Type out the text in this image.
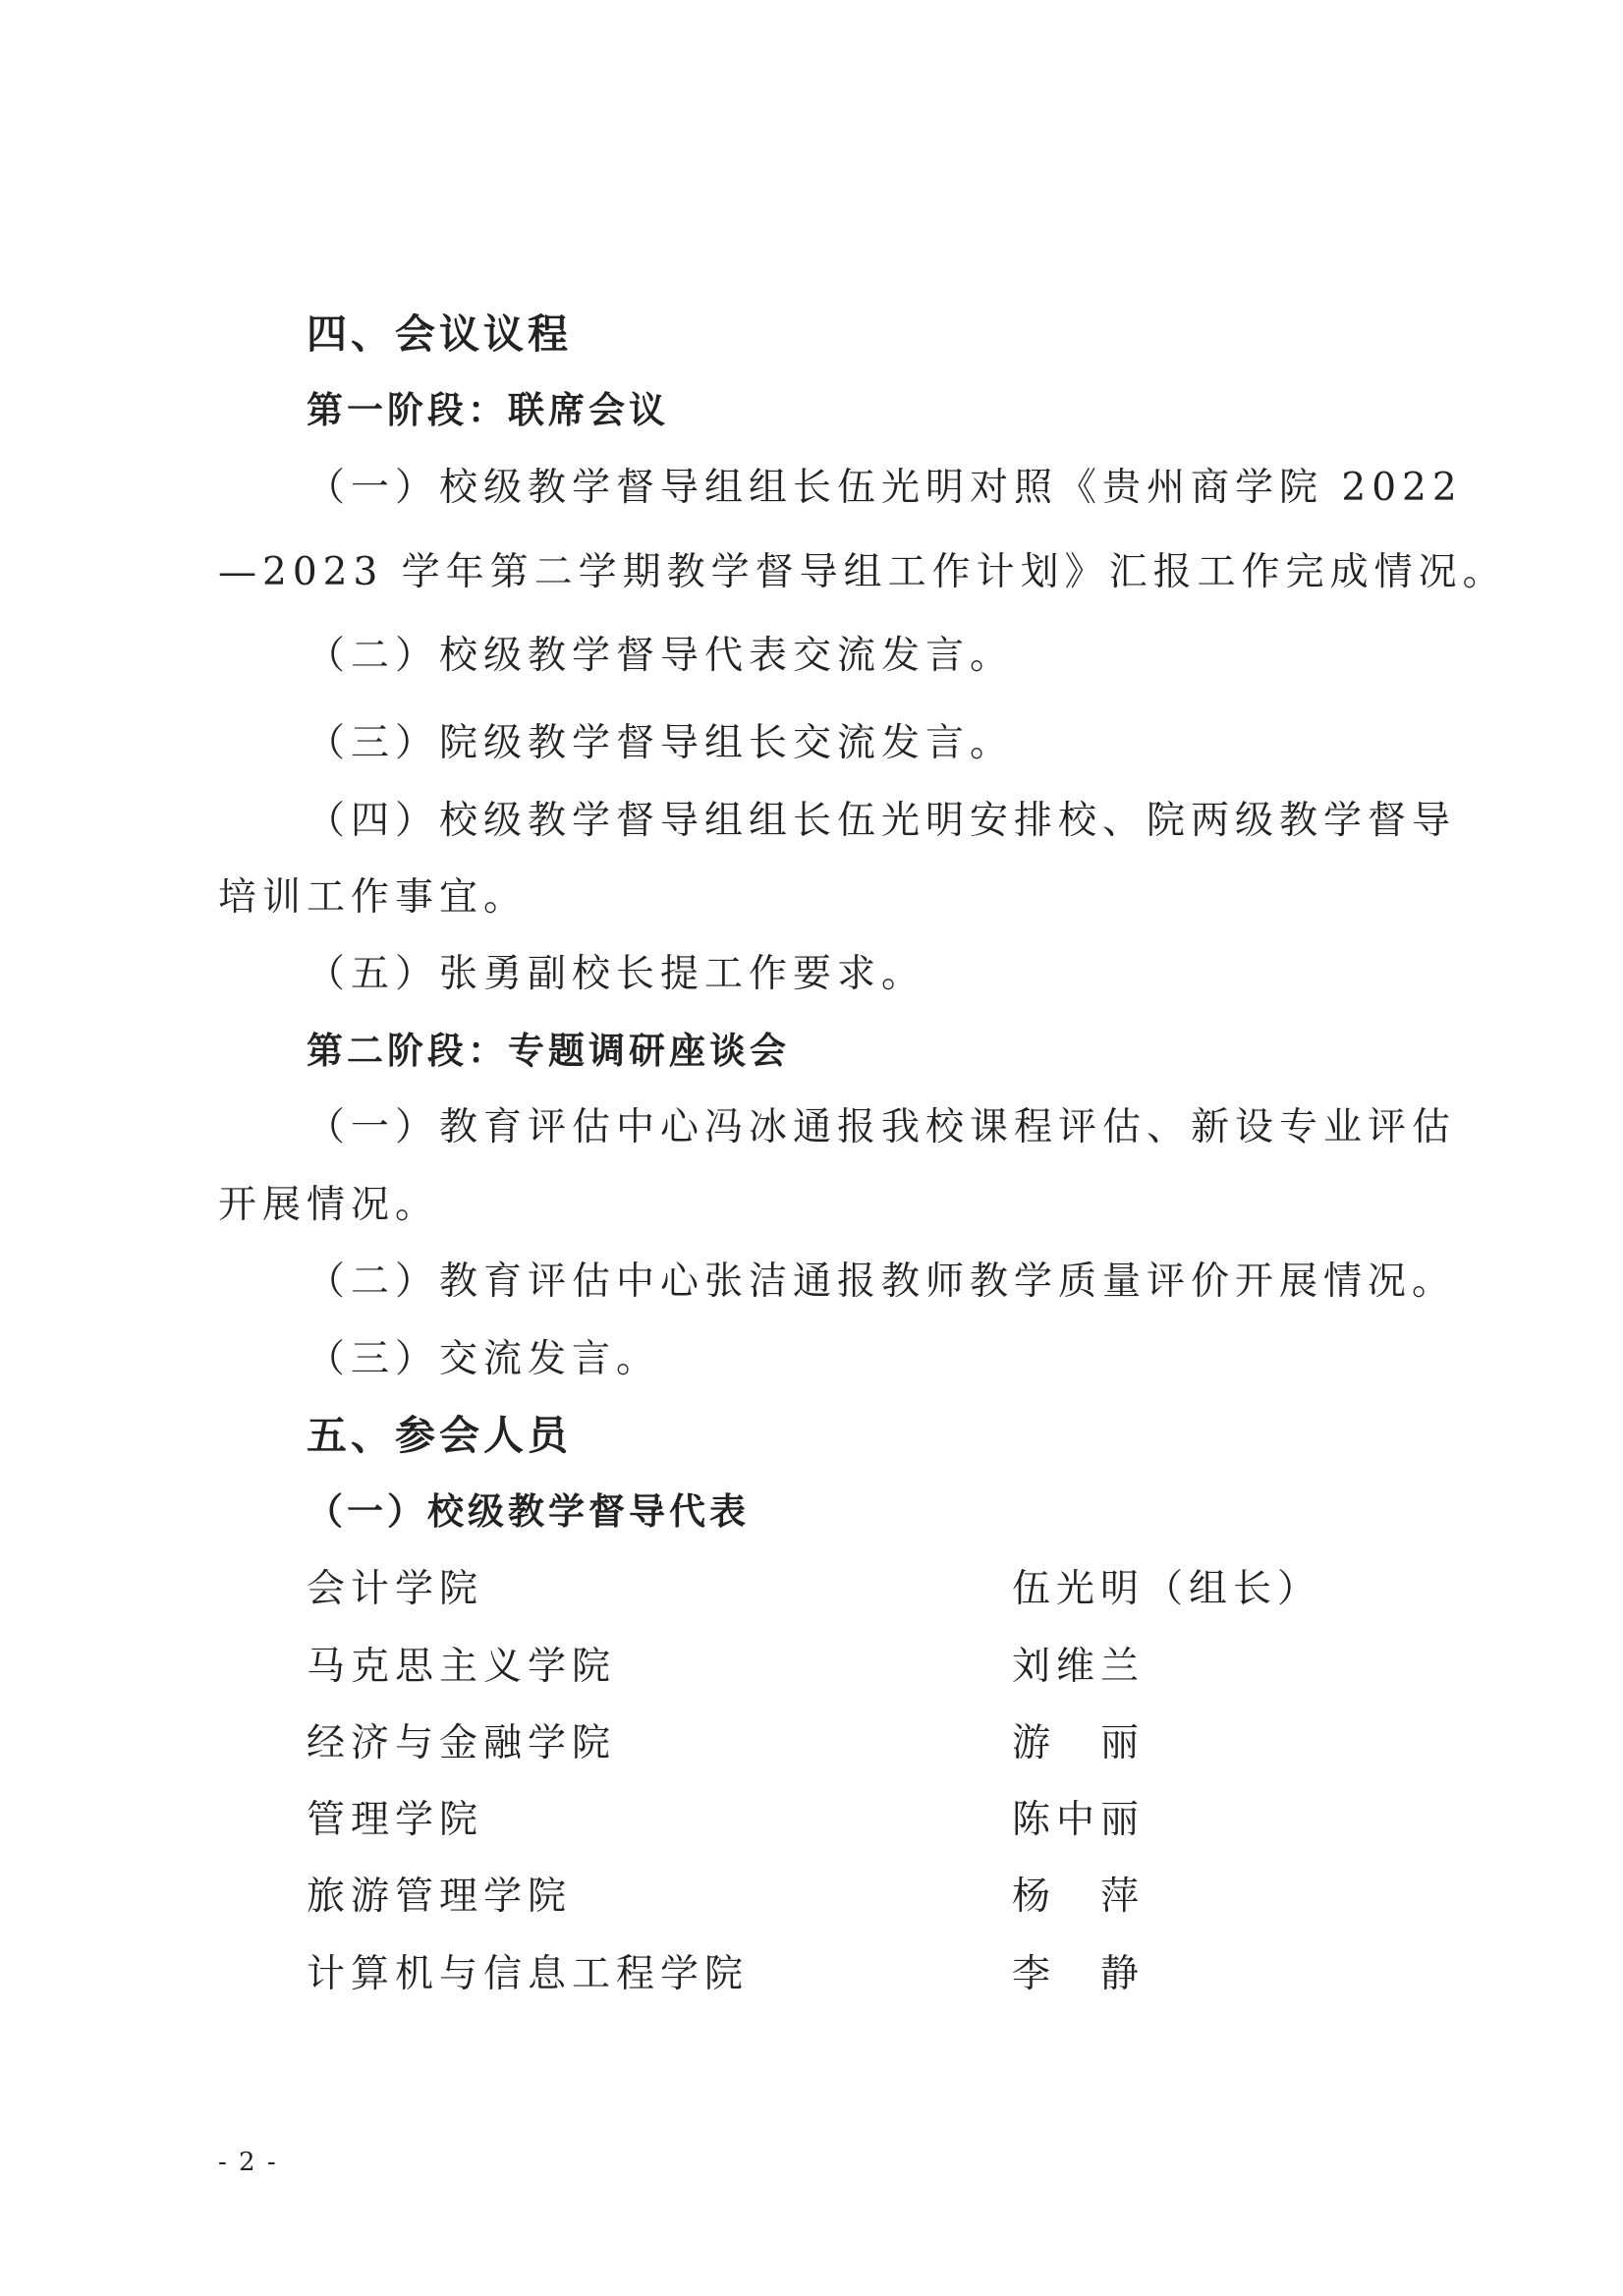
四、会议议程
第一阶段：联席会议
（一）校级教学督导组组长伍光明对照《贵州商学院 2022
—2023 学年第二学期教学督导组工作计划》汇报工作完成情况。
（二）校级教学督导代表交流发言。
（三）院级教学督导组长交流发言。
（四）校级教学督导组组长伍光明安排校、院两级教学督导
培训工作事宜。
（五）张勇副校长提工作要求。
第二阶段：专题调研座谈会
（一）教育评估中心冯冰通报我校课程评估、新设专业评估
开展情况。
（二）教育评估中心张洁通报教师教学质量评价开展情况。
（三）交流发言。
五、参会人员
（一）校级教学督导代表
会计学院	伍光明（组长）
马克思主义学院	刘维兰
经济与金融学院	游　丽
管理学院	陈中丽
旅游管理学院	杨　萍
计算机与信息工程学院	李　静
- 2 -
